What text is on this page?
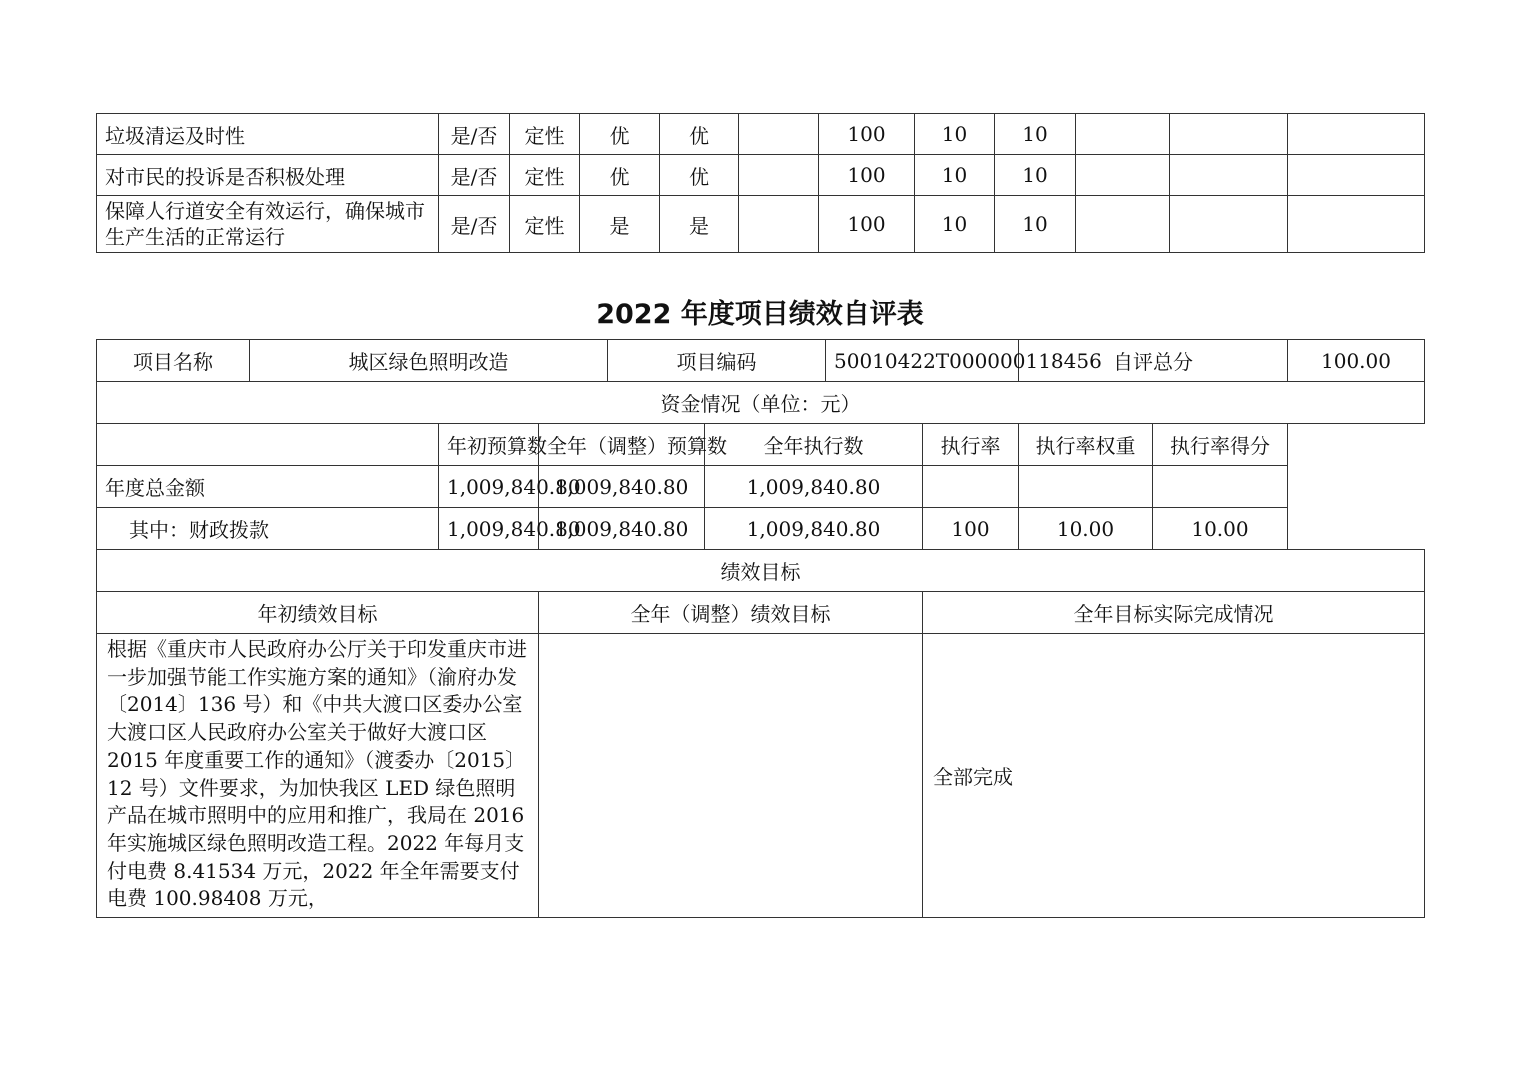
垃圾清运及时性	是/否	定性	优	优		100	10	10			
对市民的投诉是否积极处理	是/否	定性	优	优		100	10	10			
保障人行道安全有效运行，确保城市生产生活的正常运行	是/否	定性	是	是		100	10	10			
2022 年度项目绩效自评表
项目名称	城区绿色照明改造			项目编码		50010422T000000118456		自评总分		100.00
资金情况（单位：元）										
		年初预算数	全年（调整）预算数		全年执行数		执行率	执行率权重	执行率得分	
年度总金额		1,009,840.80	1,009,840.80		1,009,840.80					
其中：财政拨款		1,009,840.80	1,009,840.80		1,009,840.80		100	10.00	10.00	
绩效目标										
年初绩效目标			全年（调整）绩效目标				全年目标实际完成情况			
根据《重庆市人民政府办公厅关于印发重庆市进一步加强节能工作实施方案的通知》（渝府办发〔2014〕136 号）和《中共大渡口区委办公室大渡口区人民政府办公室关于做好大渡口区 2015 年度重要工作的通知》（渡委办〔2015〕12 号）文件要求，为加快我区 LED 绿色照明产品在城市照明中的应用和推广，我局在 2016 年实施城区绿色照明改造工程。2022 年每月支付电费 8.41534 万元，2022 年全年需要支付电费 100.98408 万元，							全部完成			
